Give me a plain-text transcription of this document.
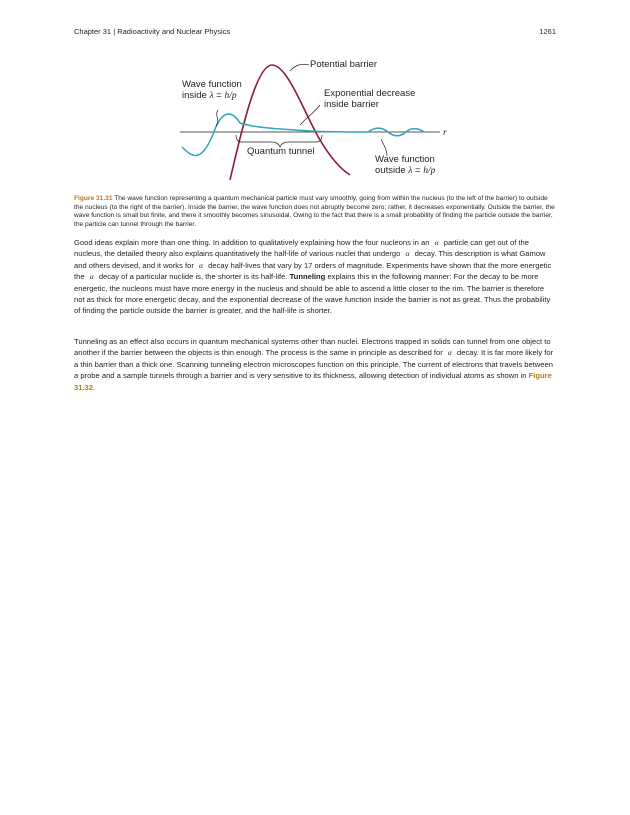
Chapter 31 | Radioactivity and Nuclear Physics	1261
Potential barrier
Wave function
inside λ = h/p	Exponential decrease
inside barrier
r
Quantum tunnel
Wave function
outside λ = h/p
Figure 31.31 The wave function representing a quantum mechanical particle must vary smoothly, going from within the nucleus (to the left of the barrier) to outside the nucleus (to the right of the barrier). Inside the barrier, the wave function does not abruptly become zero; rather, it decreases exponentially. Outside the barrier, the wave function is small but finite, and there it smoothly becomes sinusoidal. Owing to the fact that there is a small probability of finding the particle outside the barrier, the particle can tunnel through the barrier.
Good ideas explain more than one thing. In addition to qualitatively explaining how the four nucleons in an α particle can get out of the nucleus, the detailed theory also explains quantitatively the half-life of various nuclei that undergo α decay. This description is what Gamow and others devised, and it works for α decay half-lives that vary by 17 orders of magnitude. Experiments have shown that the more energetic the α decay of a particular nuclide is, the shorter is its half-life. Tunneling explains this in the following manner: For the decay to be more energetic, the nucleons must have more energy in the nucleus and should be able to ascend a little closer to the rim. The barrier is therefore not as thick for more energetic decay, and the exponential decrease of the wave function inside the barrier is not as great. Thus the probability of finding the particle outside the barrier is greater, and the half-life is shorter.
Tunneling as an effect also occurs in quantum mechanical systems other than nuclei. Electrons trapped in solids can tunnel from one object to another if the barrier between the objects is thin enough. The process is the same in principle as described for α decay. It is far more likely for a thin barrier than a thick one. Scanning tunneling electron microscopes function on this principle. The current of electrons that travels between a probe and a sample tunnels through a barrier and is very sensitive to its thickness, allowing detection of individual atoms as shown in Figure 31.32.
